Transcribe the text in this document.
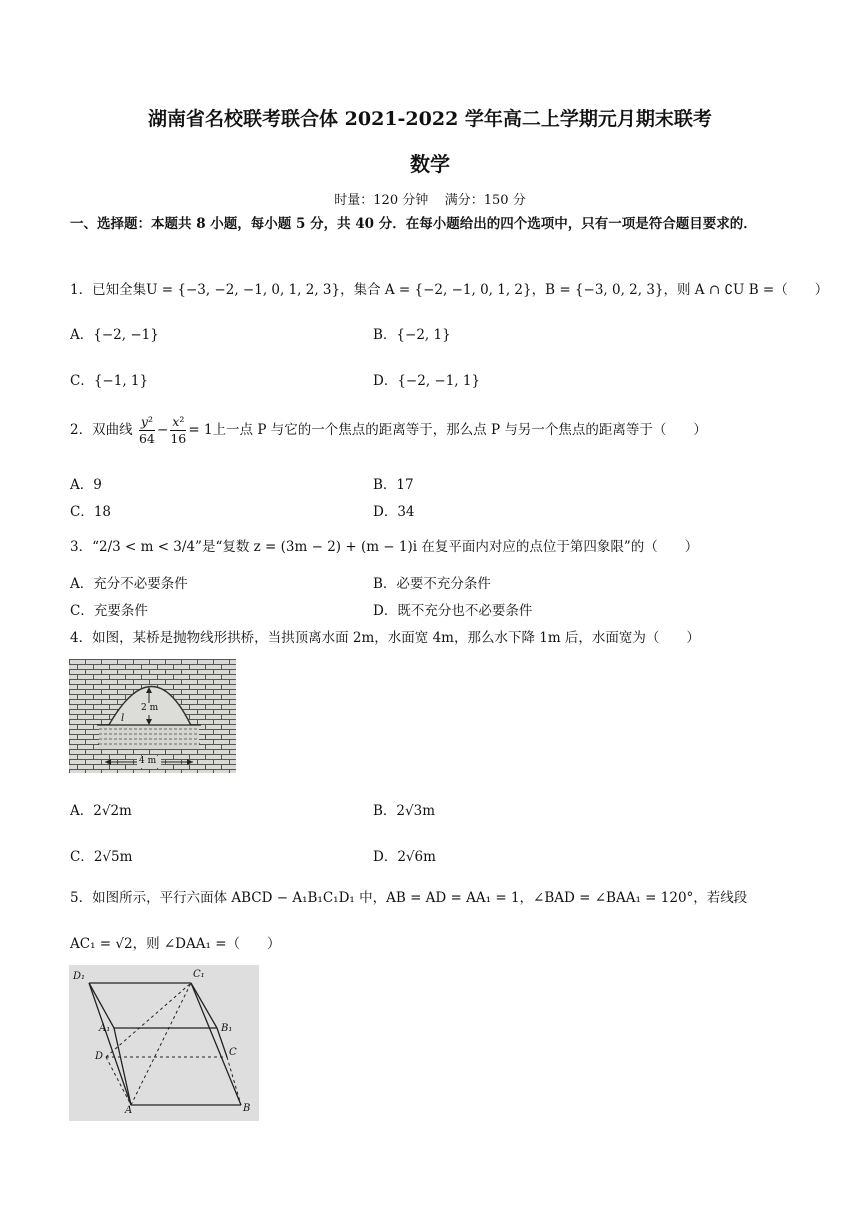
湖南省名校联考联合体 2021-2022 学年高二上学期元月期末联考
数学
时量：120 分钟    满分：150 分
一、选择题：本题共 8 小题，每小题 5 分，共 40 分．在每小题给出的四个选项中，只有一项是符合题目要求的．
1．已知全集U = {−3, −2, −1, 0, 1, 2, 3}，集合 A = {−2, −1, 0, 1, 2}，B = {−3, 0, 2, 3}，则 A ∩ ∁U B =（　　）
A．{−2, −1}	B．{−2, 1}
C．{−1, 1}	D．{−2, −1, 1}
2．双曲线 $\frac{\text{y²}}{64} - \frac{\text{x²}}{16} = 1$上一点 P 与它的一个焦点的距离等于，那么点 P 与另一个焦点的距离等于（　　）
A．9	B．17
C．18	D．34
3．“2/3 < m < 3/4”是“复数 z = (3m − 2) + (m − 1)i 在复平面内对应的点位于第四象限”的（　　）
A．充分不必要条件	B．必要不充分条件
C．充要条件	D．既不充分也不必要条件
4．如图，某桥是抛物线形拱桥，当拱顶离水面 2m，水面宽 4m，那么水下降 1m 后，水面宽为（　　）
2 m
l
4 m
A．2√2m	B．2√3m
C．2√5m	D．2√6m
5．如图所示，平行六面体 ABCD − A₁B₁C₁D₁ 中，AB = AD = AA₁ = 1，∠BAD = ∠BAA₁ = 120°，若线段
AC₁ = √2，则 ∠DAA₁ =（　　）
D₁	C₁
A₁	B₁
D	C
A	B
